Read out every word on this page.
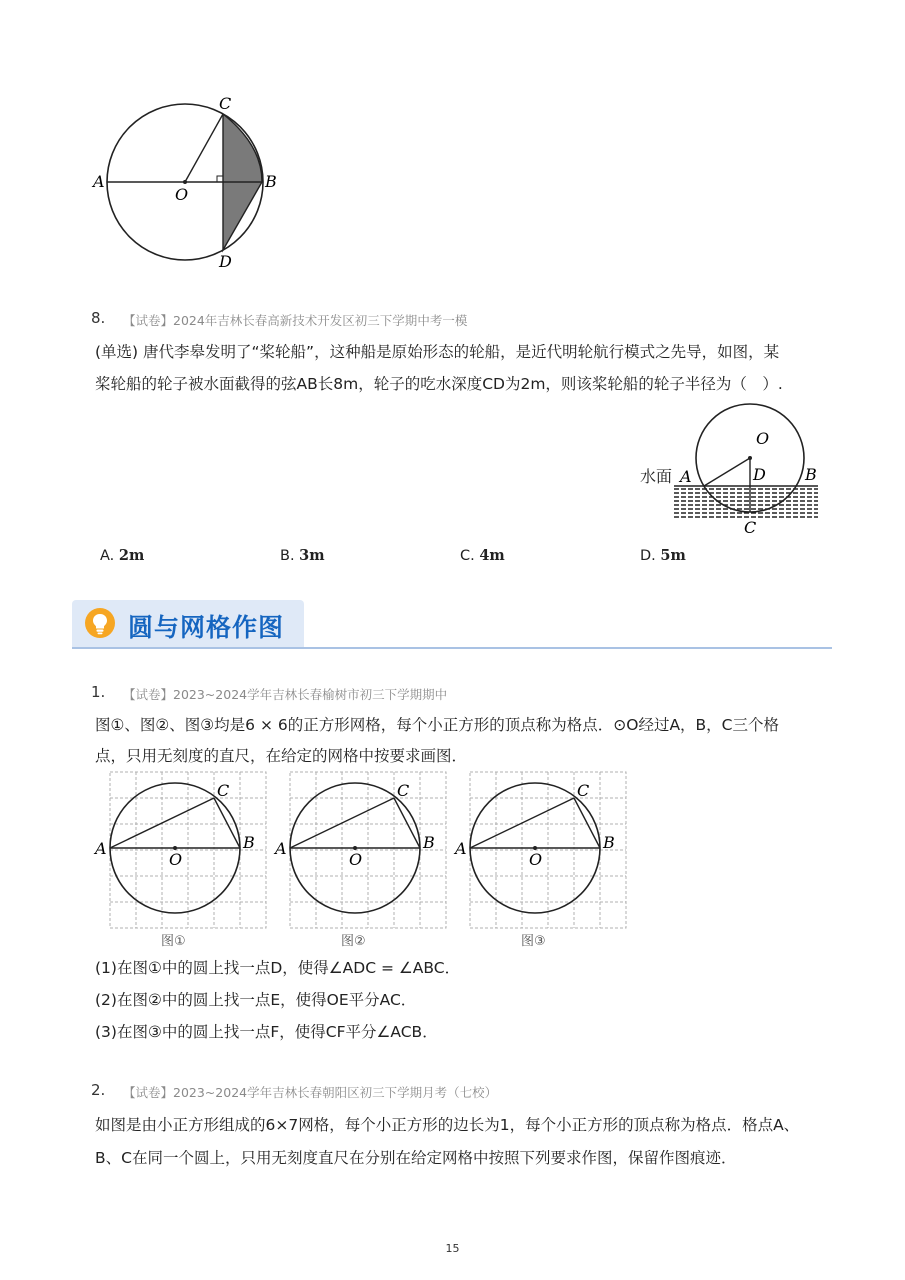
A
O
B
C
D
8. 【试卷】2024年吉林长春高新技术开发区初三下学期中考一模
(单选) 唐代李皋发明了“桨轮船”，这种船是原始形态的轮船，是近代明轮航行模式之先导，如图，某
桨轮船的轮子被水面截得的弦AB长8m，轮子的吃水深度CD为2m，则该桨轮船的轮子半径为（　）.
水面
O
A	D B
C
A. 2m	B. 3m	C. 4m	D. 5m
圆与网格作图
1. 【试卷】2023~2024学年吉林长春榆树市初三下学期期中
图①、图②、图③均是6 × 6的正方形网格，每个小正方形的顶点称为格点．⊙O经过A，B，C三个格
点，只用无刻度的直尺，在给定的网格中按要求画图．
A
O
B
C
图①
A
O
B
C
图②
A
O
B
C
图③
(1)在图①中的圆上找一点D，使得∠ADC = ∠ABC．
(2)在图②中的圆上找一点E，使得OE平分AC．
(3)在图③中的圆上找一点F，使得CF平分∠ACB．
2. 【试卷】2023~2024学年吉林长春朝阳区初三下学期月考（七校）
如图是由小正方形组成的6×7网格，每个小正方形的边长为1，每个小正方形的顶点称为格点．格点A、
B、C在同一个圆上，只用无刻度直尺在分别在给定网格中按照下列要求作图，保留作图痕迹．
15
